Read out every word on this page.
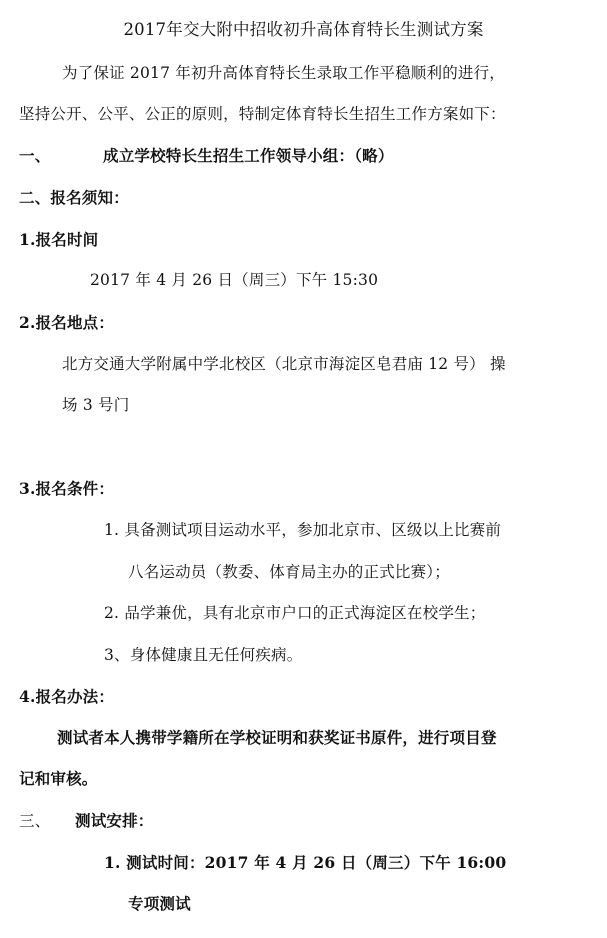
2017年交大附中招收初升高体育特长生测试方案
为了保证 2017 年初升高体育特长生录取工作平稳顺利的进行，
坚持公开、公平、公正的原则，特制定体育特长生招生工作方案如下：
一、	成立学校特长生招生工作领导小组：（略）
二、报名须知：
1.报名时间
2017 年 4 月 26 日（周三）下午 15:30
2.报名地点：
北方交通大学附属中学北校区（北京市海淀区皂君庙 12 号） 操
场 3 号门
3.报名条件：
1. 具备测试项目运动水平，参加北京市、区级以上比赛前
八名运动员（教委、体育局主办的正式比赛）；
2. 品学兼优，具有北京市户口的正式海淀区在校学生；
3、身体健康且无任何疾病。
4.报名办法：
测试者本人携带学籍所在学校证明和获奖证书原件，进行项目登
记和审核。
三、 测试安排：
1. 测试时间：2017 年 4 月 26 日（周三）下午 16:00
专项测试
